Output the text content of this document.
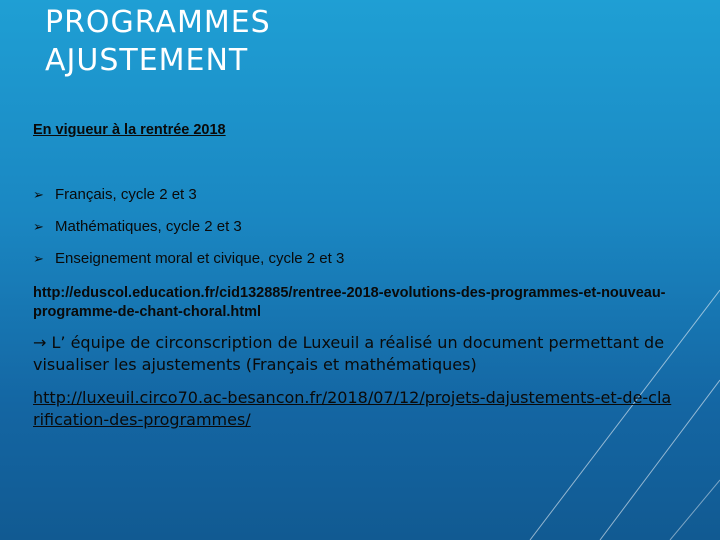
PROGRAMMES
AJUSTEMENT

En vigueur à la rentrée 2018

➢ Français, cycle 2 et 3
➢ Mathématiques, cycle 2 et 3
➢ Enseignement moral et civique, cycle 2 et 3

http://eduscol.education.fr/cid132885/rentree-2018-evolutions-des-programmes-et-nouveau-programme-de-chant-choral.html

→ L’ équipe de circonscription de Luxeuil a réalisé un document permettant de visualiser les ajustements (Français et mathématiques)

http://luxeuil.circo70.ac-besancon.fr/2018/07/12/projets-dajustements-et-de-clarification-des-programmes/
